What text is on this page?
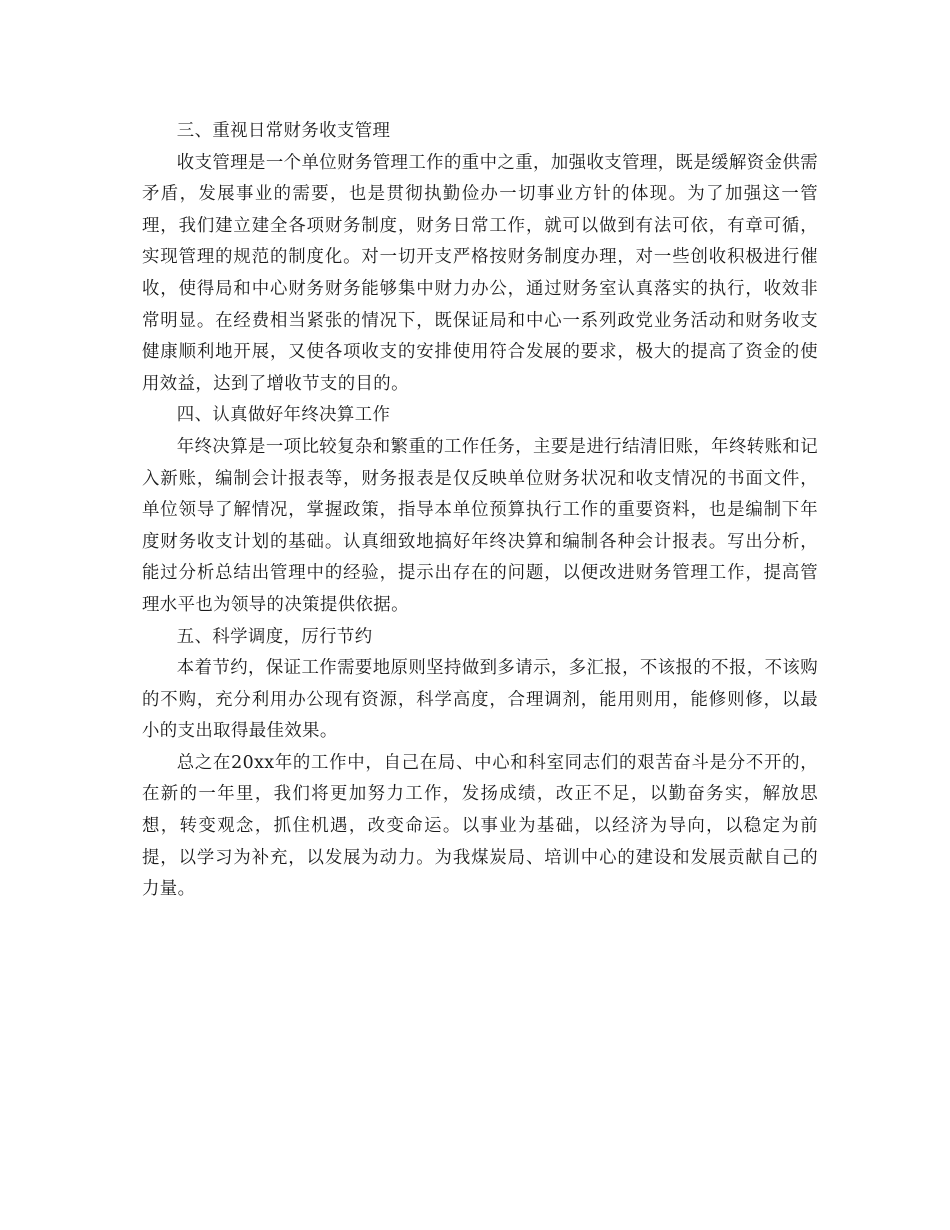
三、重视日常财务收支管理

收支管理是一个单位财务管理工作的重中之重，加强收支管理，既是缓解资金供需矛盾，发展事业的需要，也是贯彻执勤俭办一切事业方针的体现。为了加强这一管理，我们建立建全各项财务制度，财务日常工作，就可以做到有法可依，有章可循，实现管理的规范的制度化。对一切开支严格按财务制度办理，对一些创收积极进行催收，使得局和中心财务财务能够集中财力办公，通过财务室认真落实的执行，收效非常明显。在经费相当紧张的情况下，既保证局和中心一系列政党业务活动和财务收支健康顺利地开展，又使各项收支的安排使用符合发展的要求，极大的提高了资金的使用效益，达到了增收节支的目的。

四、认真做好年终决算工作

年终决算是一项比较复杂和繁重的工作任务，主要是进行结清旧账，年终转账和记入新账，编制会计报表等，财务报表是仅反映单位财务状况和收支情况的书面文件，单位领导了解情况，掌握政策，指导本单位预算执行工作的重要资料，也是编制下年度财务收支计划的基础。认真细致地搞好年终决算和编制各种会计报表。写出分析，能过分析总结出管理中的经验，提示出存在的问题，以便改进财务管理工作，提高管理水平也为领导的决策提供依据。

五、科学调度，厉行节约

本着节约，保证工作需要地原则坚持做到多请示，多汇报，不该报的不报，不该购的不购，充分利用办公现有资源，科学高度，合理调剂，能用则用，能修则修，以最小的支出取得最佳效果。

总之在20xx年的工作中，自己在局、中心和科室同志们的艰苦奋斗是分不开的，在新的一年里，我们将更加努力工作，发扬成绩，改正不足，以勤奋务实，解放思想，转变观念，抓住机遇，改变命运。以事业为基础，以经济为导向，以稳定为前提，以学习为补充，以发展为动力。为我煤炭局、培训中心的建设和发展贡献自己的力量。
